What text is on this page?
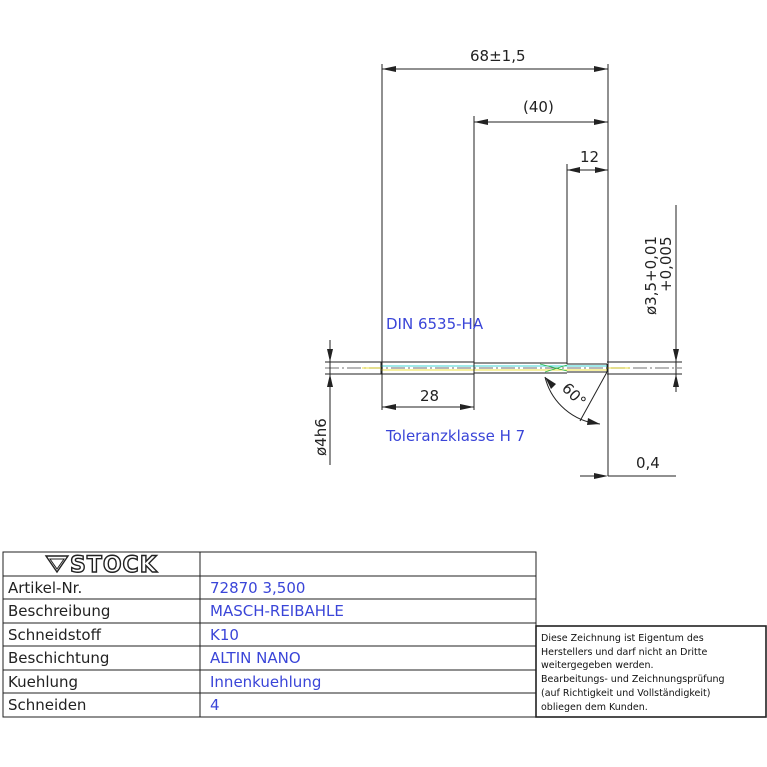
68±1,5
(40)
12
ø3,5+0,01
+0,005
28
ø4h6
60°
0,4
DIN 6535-HA
Toleranzklasse H 7
STOCK
Artikel-Nr.	72870 3,500
Beschreibung	MASCH-REIBAHLE
Schneidstoff	K10
Beschichtung	ALTIN NANO
Kuehlung	Innenkuehlung
Schneiden	4
Diese Zeichnung ist Eigentum des
Herstellers und darf nicht an Dritte
weitergegeben werden.
Bearbeitungs- und Zeichnungsprüfung
(auf Richtigkeit und Vollständigkeit)
obliegen dem Kunden.
